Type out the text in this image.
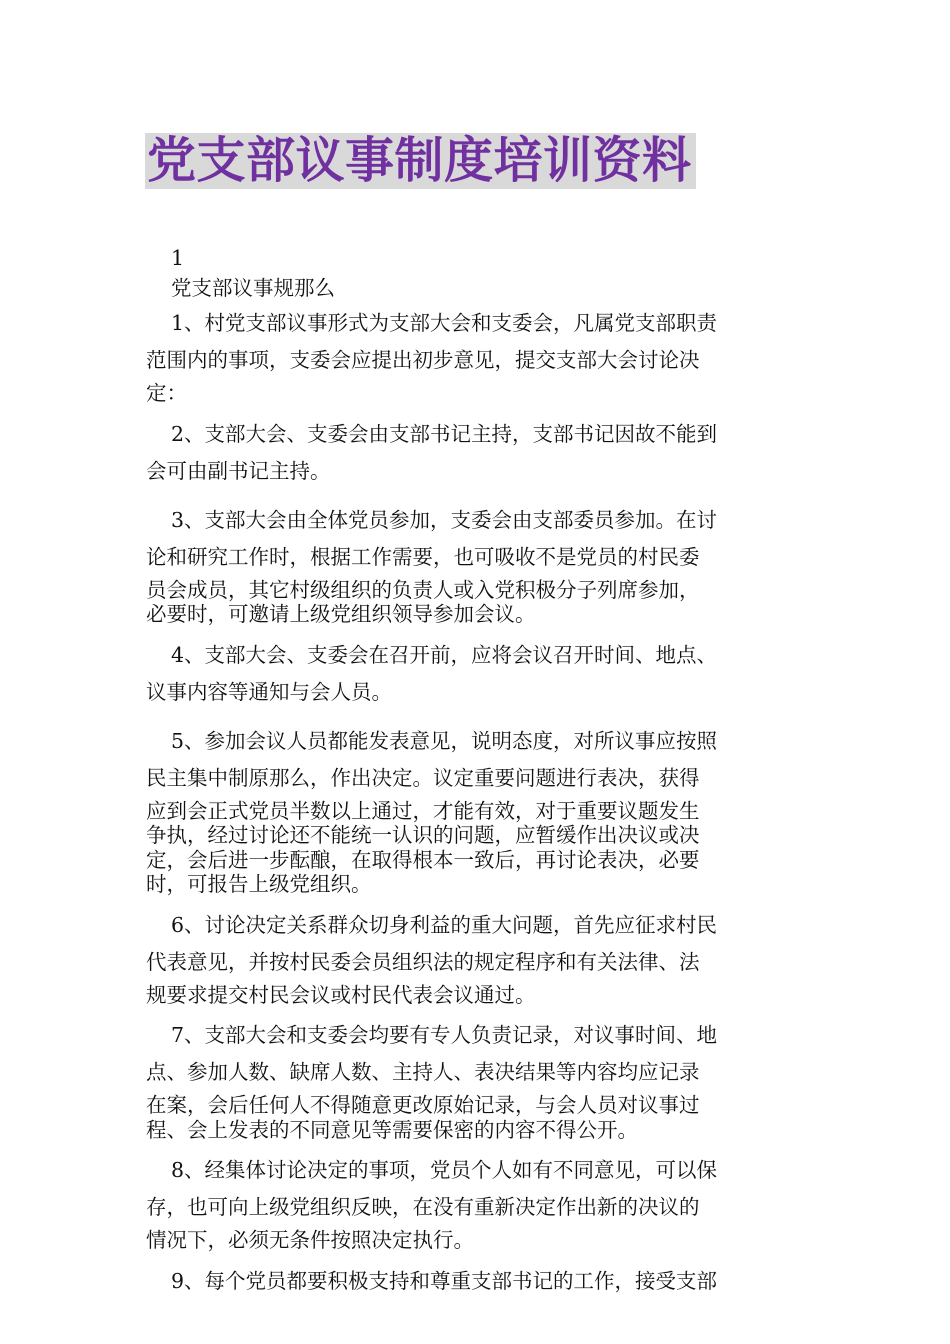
党支部议事制度培训资料
1
党支部议事规那么
1、村党支部议事形式为支部大会和支委会，凡属党支部职责
范围内的事项，支委会应提出初步意见，提交支部大会讨论决
定：
2、支部大会、支委会由支部书记主持，支部书记因故不能到
会可由副书记主持。
3、支部大会由全体党员参加，支委会由支部委员参加。在讨
论和研究工作时，根据工作需要，也可吸收不是党员的村民委
员会成员，其它村级组织的负责人或入党积极分子列席参加，
必要时，可邀请上级党组织领导参加会议。
4、支部大会、支委会在召开前，应将会议召开时间、地点、
议事内容等通知与会人员。
5、参加会议人员都能发表意见，说明态度，对所议事应按照
民主集中制原那么，作出决定。议定重要问题进行表决，获得
应到会正式党员半数以上通过，才能有效，对于重要议题发生
争执，经过讨论还不能统一认识的问题，应暂缓作出决议或决
定，会后进一步酝酿，在取得根本一致后，再讨论表决，必要
时，可报告上级党组织。
6、讨论决定关系群众切身利益的重大问题，首先应征求村民
代表意见，并按村民委会员组织法的规定程序和有关法律、法
规要求提交村民会议或村民代表会议通过。
7、支部大会和支委会均要有专人负责记录，对议事时间、地
点、参加人数、缺席人数、主持人、表决结果等内容均应记录
在案，会后任何人不得随意更改原始记录，与会人员对议事过
程、会上发表的不同意见等需要保密的内容不得公开。
8、经集体讨论决定的事项，党员个人如有不同意见，可以保
存，也可向上级党组织反映，在没有重新决定作出新的决议的
情况下，必须无条件按照决定执行。
9、每个党员都要积极支持和尊重支部书记的工作，接受支部
